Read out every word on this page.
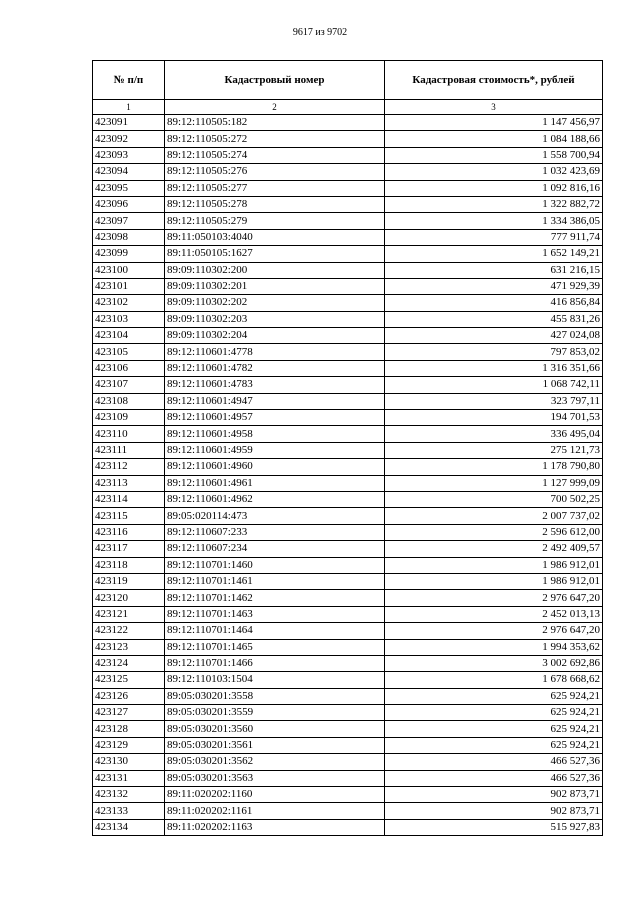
9617 из 9702
№ п/п	Кадастровый номер	Кадастровая стоимость*, рублей
1	2	3
423091	89:12:110505:182	1 147 456,97
423092	89:12:110505:272	1 084 188,66
423093	89:12:110505:274	1 558 700,94
423094	89:12:110505:276	1 032 423,69
423095	89:12:110505:277	1 092 816,16
423096	89:12:110505:278	1 322 882,72
423097	89:12:110505:279	1 334 386,05
423098	89:11:050103:4040	777 911,74
423099	89:11:050105:1627	1 652 149,21
423100	89:09:110302:200	631 216,15
423101	89:09:110302:201	471 929,39
423102	89:09:110302:202	416 856,84
423103	89:09:110302:203	455 831,26
423104	89:09:110302:204	427 024,08
423105	89:12:110601:4778	797 853,02
423106	89:12:110601:4782	1 316 351,66
423107	89:12:110601:4783	1 068 742,11
423108	89:12:110601:4947	323 797,11
423109	89:12:110601:4957	194 701,53
423110	89:12:110601:4958	336 495,04
423111	89:12:110601:4959	275 121,73
423112	89:12:110601:4960	1 178 790,80
423113	89:12:110601:4961	1 127 999,09
423114	89:12:110601:4962	700 502,25
423115	89:05:020114:473	2 007 737,02
423116	89:12:110607:233	2 596 612,00
423117	89:12:110607:234	2 492 409,57
423118	89:12:110701:1460	1 986 912,01
423119	89:12:110701:1461	1 986 912,01
423120	89:12:110701:1462	2 976 647,20
423121	89:12:110701:1463	2 452 013,13
423122	89:12:110701:1464	2 976 647,20
423123	89:12:110701:1465	1 994 353,62
423124	89:12:110701:1466	3 002 692,86
423125	89:12:110103:1504	1 678 668,62
423126	89:05:030201:3558	625 924,21
423127	89:05:030201:3559	625 924,21
423128	89:05:030201:3560	625 924,21
423129	89:05:030201:3561	625 924,21
423130	89:05:030201:3562	466 527,36
423131	89:05:030201:3563	466 527,36
423132	89:11:020202:1160	902 873,71
423133	89:11:020202:1161	902 873,71
423134	89:11:020202:1163	515 927,83
